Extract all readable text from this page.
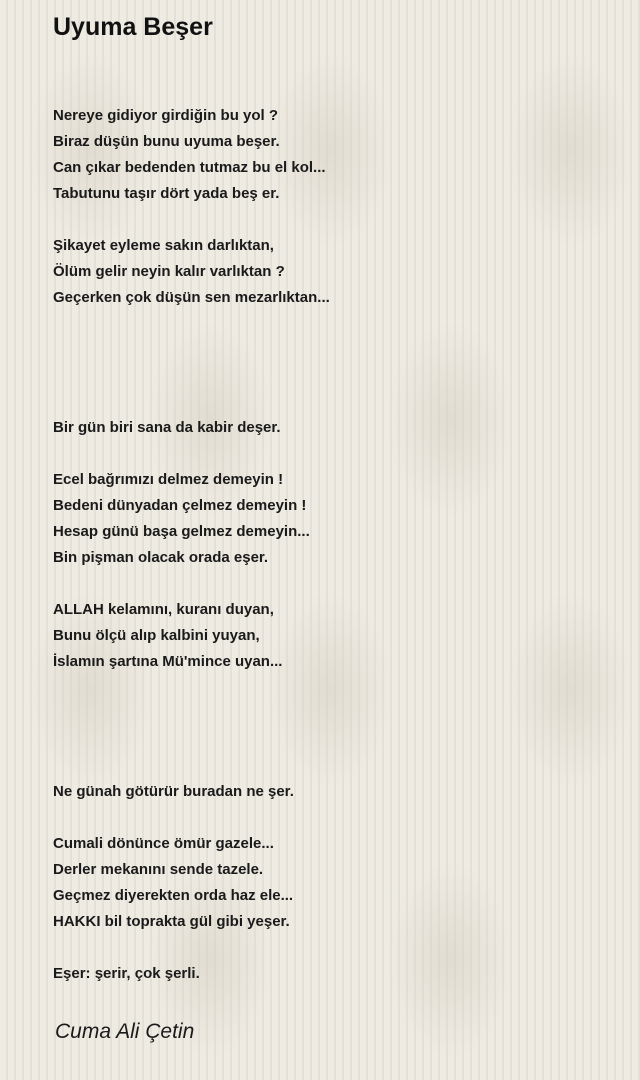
Uyuma Beşer
Nereye gidiyor girdiğin bu yol ?
Biraz düşün bunu uyuma beşer.
Can çıkar bedenden tutmaz bu el kol...
Tabutunu taşır dört yada beş er.
Şikayet eyleme sakın darlıktan,
Ölüm gelir neyin kalır varlıktan ?
Geçerken çok düşün sen mezarlıktan...
Bir gün biri sana da kabir deşer.
Ecel bağrımızı delmez demeyin !
Bedeni dünyadan çelmez demeyin !
Hesap günü başa gelmez demeyin...
Bin pişman olacak orada eşer.
ALLAH kelamını, kuranı duyan,
Bunu ölçü alıp kalbini yuyan,
İslamın şartına Mü'mince uyan...
Ne günah götürür buradan ne şer.
Cumali dönünce ömür gazele...
Derler mekanını sende tazele.
Geçmez diyerekten orda haz ele...
HAKKI bil toprakta gül gibi yeşer.
Eşer: şerir, çok şerli.
Cuma Ali Çetin
